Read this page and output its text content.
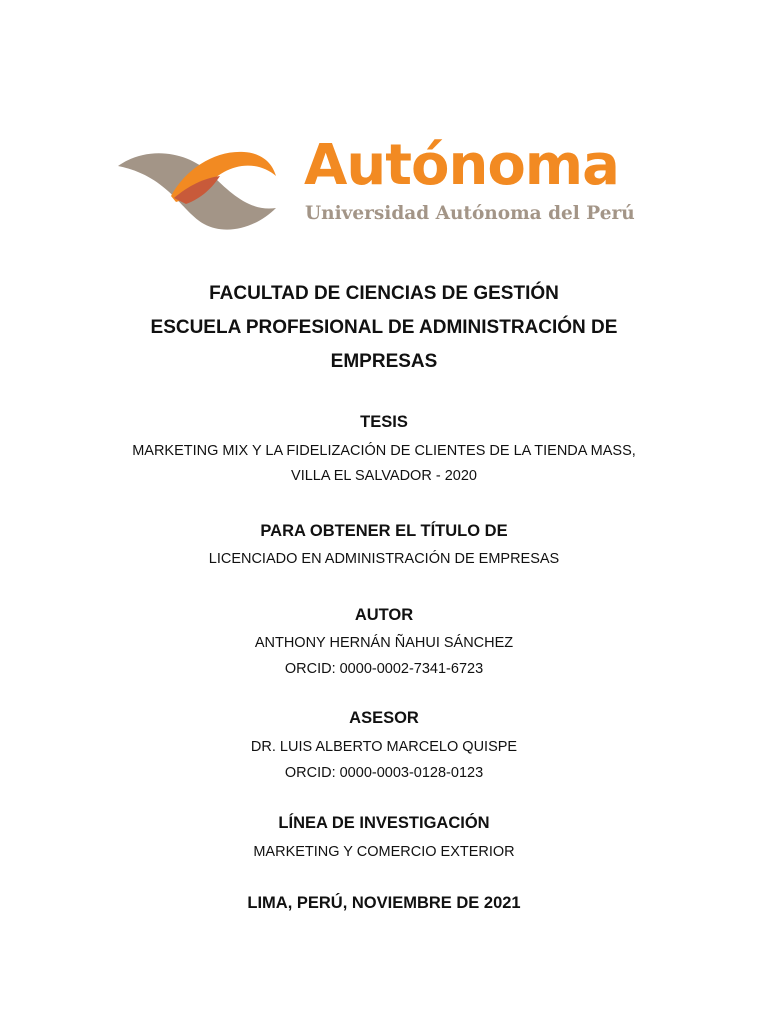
Autónoma
Universidad Autónoma del Perú
FACULTAD DE CIENCIAS DE GESTIÓN
ESCUELA PROFESIONAL DE ADMINISTRACIÓN DE
EMPRESAS
TESIS
MARKETING MIX Y LA FIDELIZACIÓN DE CLIENTES DE LA TIENDA MASS,
VILLA EL SALVADOR - 2020
PARA OBTENER EL TÍTULO DE
LICENCIADO EN ADMINISTRACIÓN DE EMPRESAS
AUTOR
ANTHONY HERNÁN ÑAHUI SÁNCHEZ
ORCID: 0000-0002-7341-6723
ASESOR
DR. LUIS ALBERTO MARCELO QUISPE
ORCID: 0000-0003-0128-0123
LÍNEA DE INVESTIGACIÓN
MARKETING Y COMERCIO EXTERIOR
LIMA, PERÚ, NOVIEMBRE DE 2021
